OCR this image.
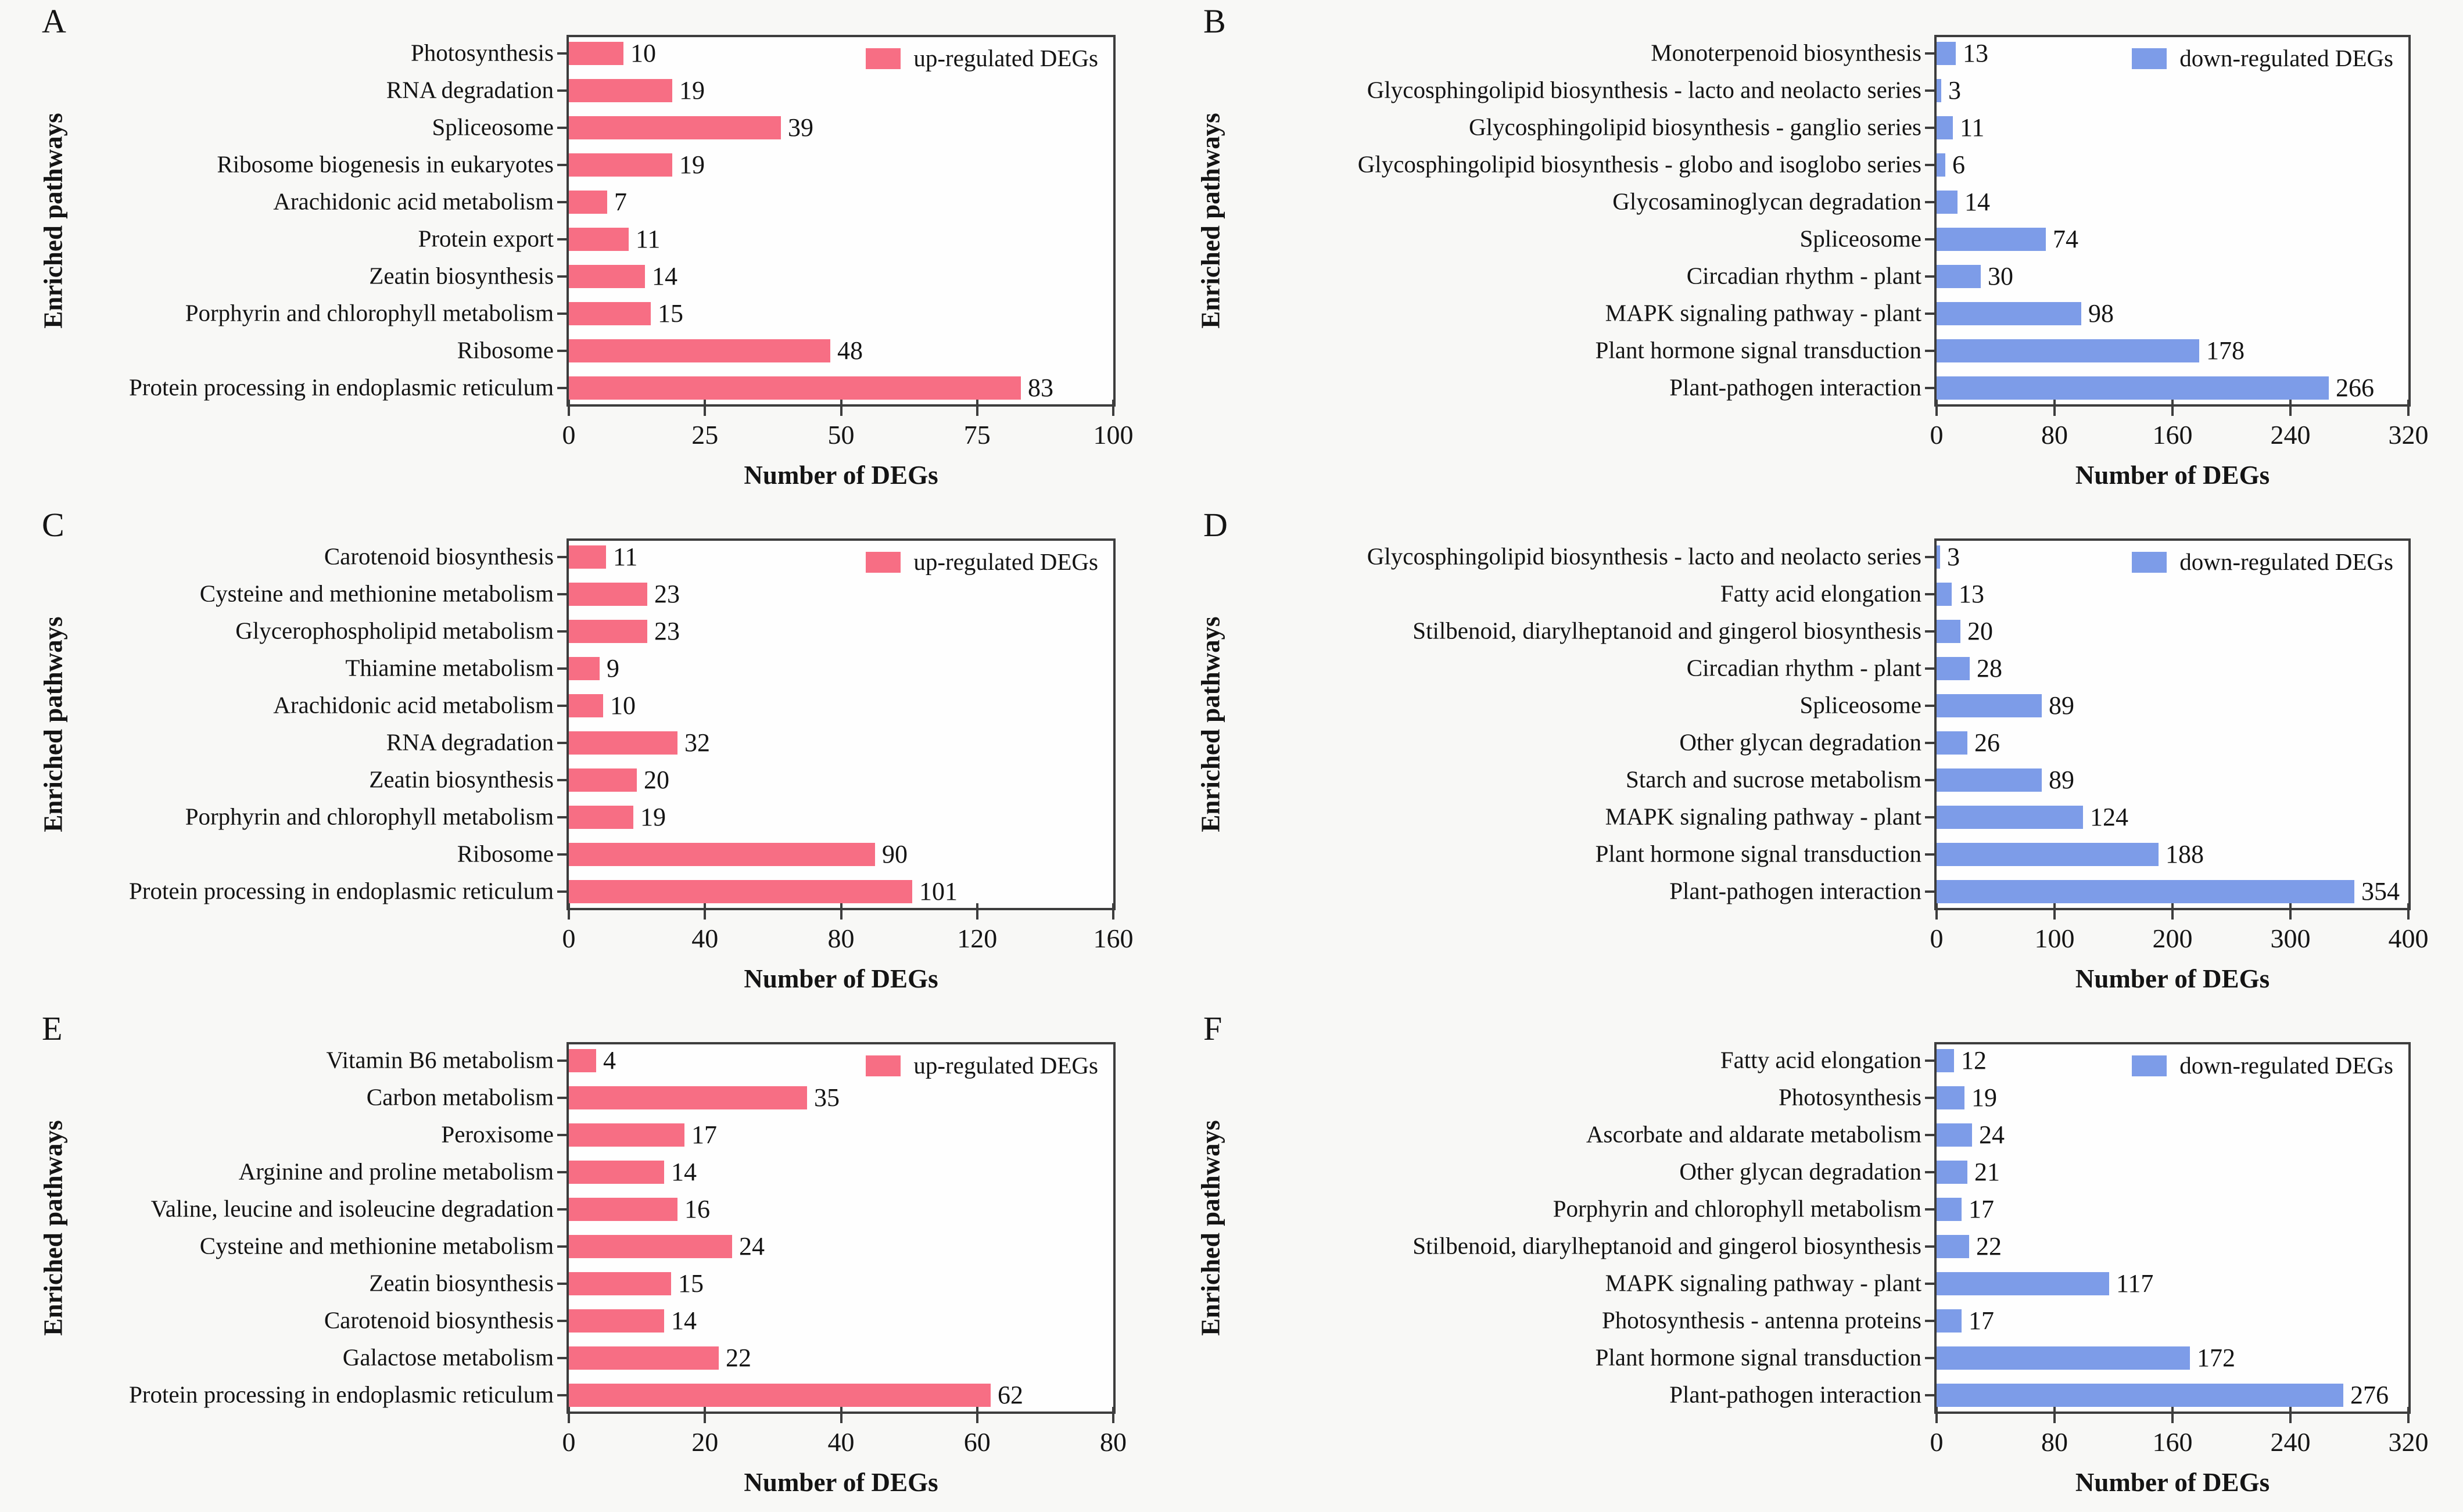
A
Enriched pathways
up-regulated DEGs
Photosynthesis	10
RNA degradation	19
Spliceosome	39
Ribosome biogenesis in eukaryotes	19
Arachidonic acid metabolism 7
Protein export	11
Zeatin biosynthesis	14
Porphyrin and chlorophyll metabolism	15
Ribosome	48
Protein processing in endoplasmic reticulum	83
0	25	50	75	100
Number of DEGs
B
Enriched pathways
down-regulated DEGs
Monoterpenoid biosynthesis 13
Glycosphingolipid biosynthesis - lacto and neolacto series 3
Glycosphingolipid biosynthesis - ganglio series 11
Glycosphingolipid biosynthesis - globo and isoglobo series 6
Glycosaminoglycan degradation 14
Spliceosome	74
Circadian rhythm - plant	30
MAPK signaling pathway - plant	98
Plant hormone signal transduction	178
Plant-pathogen interaction	266
0	80	160	240	320
Number of DEGs
C
Enriched pathways
up-regulated DEGs
Carotenoid biosynthesis 11
Cysteine and methionine metabolism	23
Glycerophospholipid metabolism	23
Thiamine metabolism 9
Arachidonic acid metabolism 10
RNA degradation	32
Zeatin biosynthesis	20
Porphyrin and chlorophyll metabolism	19
Ribosome	90
Protein processing in endoplasmic reticulum	101
0	40	80	120	160
Number of DEGs
D
Enriched pathways
down-regulated DEGs
Glycosphingolipid biosynthesis - lacto and neolacto series 3
Fatty acid elongation 13
Stilbenoid, diarylheptanoid and gingerol biosynthesis 20
Circadian rhythm - plant 28
Spliceosome	89
Other glycan degradation 26
Starch and sucrose metabolism	89
MAPK signaling pathway - plant	124
Plant hormone signal transduction	188
Plant-pathogen interaction	354
0	100	200	300	400
Number of DEGs
E
Enriched pathways
up-regulated DEGs
Vitamin B6 metabolism 4
Carbon metabolism	35
Peroxisome	17
Arginine and proline metabolism	14
Valine, leucine and isoleucine degradation	16
Cysteine and methionine metabolism	24
Zeatin biosynthesis	15
Carotenoid biosynthesis	14
Galactose metabolism	22
Protein processing in endoplasmic reticulum	62
0	20	40	60	80
Number of DEGs
F
Enriched pathways
down-regulated DEGs
Fatty acid elongation 12
Photosynthesis 19
Ascorbate and aldarate metabolism 24
Other glycan degradation 21
Porphyrin and chlorophyll metabolism 17
Stilbenoid, diarylheptanoid and gingerol biosynthesis 22
MAPK signaling pathway - plant	117
Photosynthesis - antenna proteins 17
Plant hormone signal transduction	172
Plant-pathogen interaction	276
0	80	160	240	320
Number of DEGs
